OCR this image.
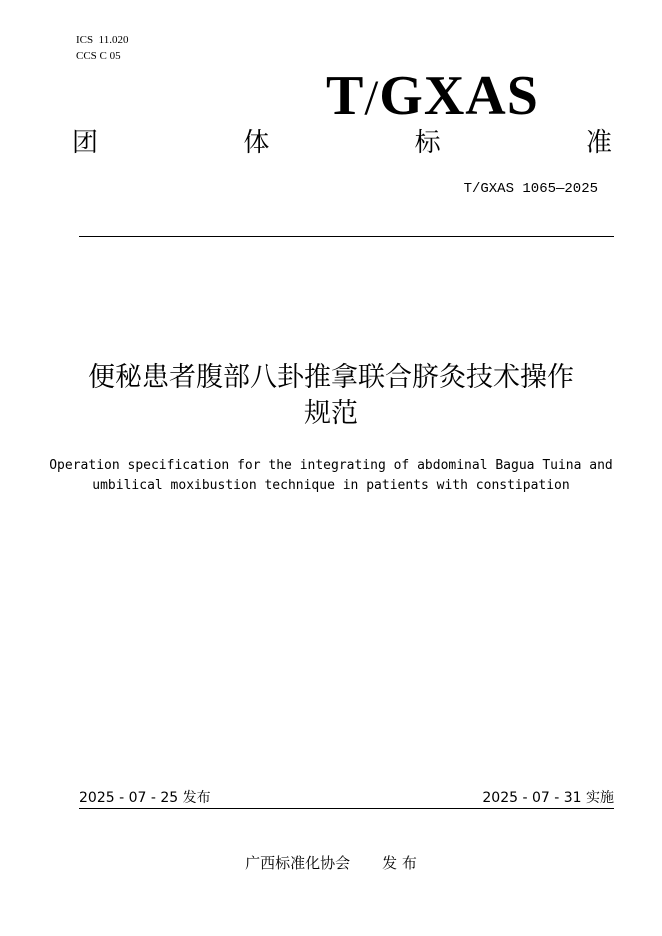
ICS  11.020
CCS C 05
T/GXAS
团	体	标	准
T/GXAS 1065—2025
便秘患者腹部八卦推拿联合脐灸技术操作
规范
Operation specification for the integrating of abdominal Bagua Tuina and
umbilical moxibustion technique in patients with constipation
2025 - 07 - 25 发布	2025 - 07 - 31 实施
广西标准化协会 发 布
